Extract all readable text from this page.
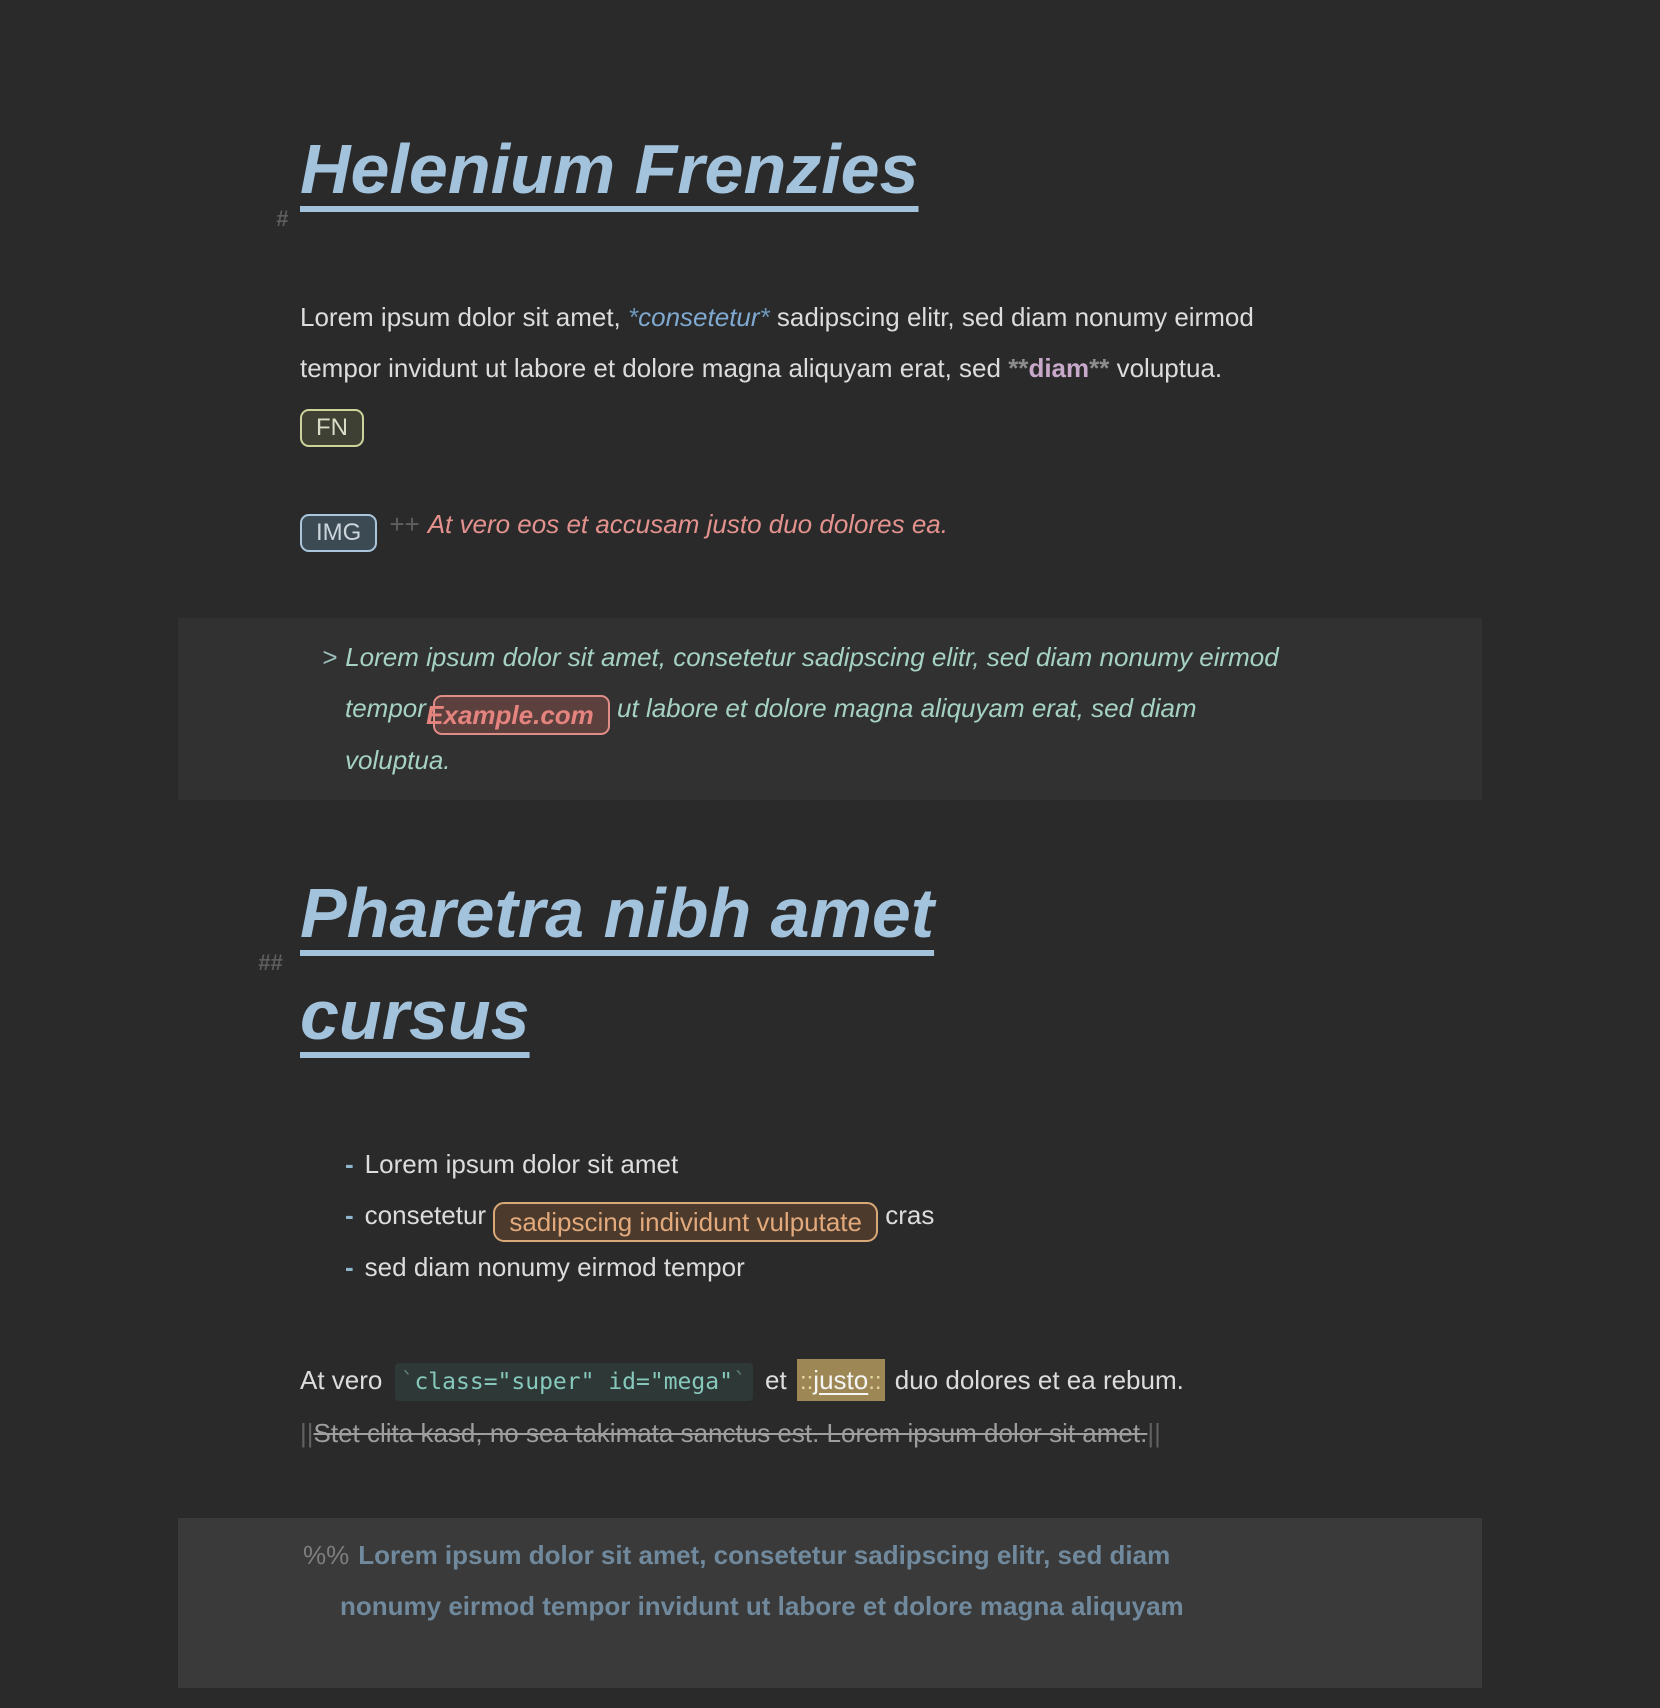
#
Helenium Frenzies
Lorem ipsum dolor sit amet, *consetetur* sadipscing elitr, sed diam nonumy eirmod tempor invidunt ut labore et dolore magna aliquyam erat, sed **diam** voluptua. FN
IMG ++ At vero eos et accusam justo duo dolores ea.
> Lorem ipsum dolor sit amet, consetetur sadipscing elitr, sed diam nonumy eirmod tempor Example.com ut labore et dolore magna aliquyam erat, sed diam voluptua.
##
Pharetra nibh amet cursus
- Lorem ipsum dolor sit amet
- consetetur sadipscing individunt vulputate cras
- sed diam nonumy eirmod tempor
At vero `class="super" id="mega"` et ::justo:: duo dolores et ea rebum.
||Stet clita kasd, no sea takimata sanctus est. Lorem ipsum dolor sit amet.||
%% Lorem ipsum dolor sit amet, consetetur sadipscing elitr, sed diam nonumy eirmod tempor invidunt ut labore et dolore magna aliquyam
